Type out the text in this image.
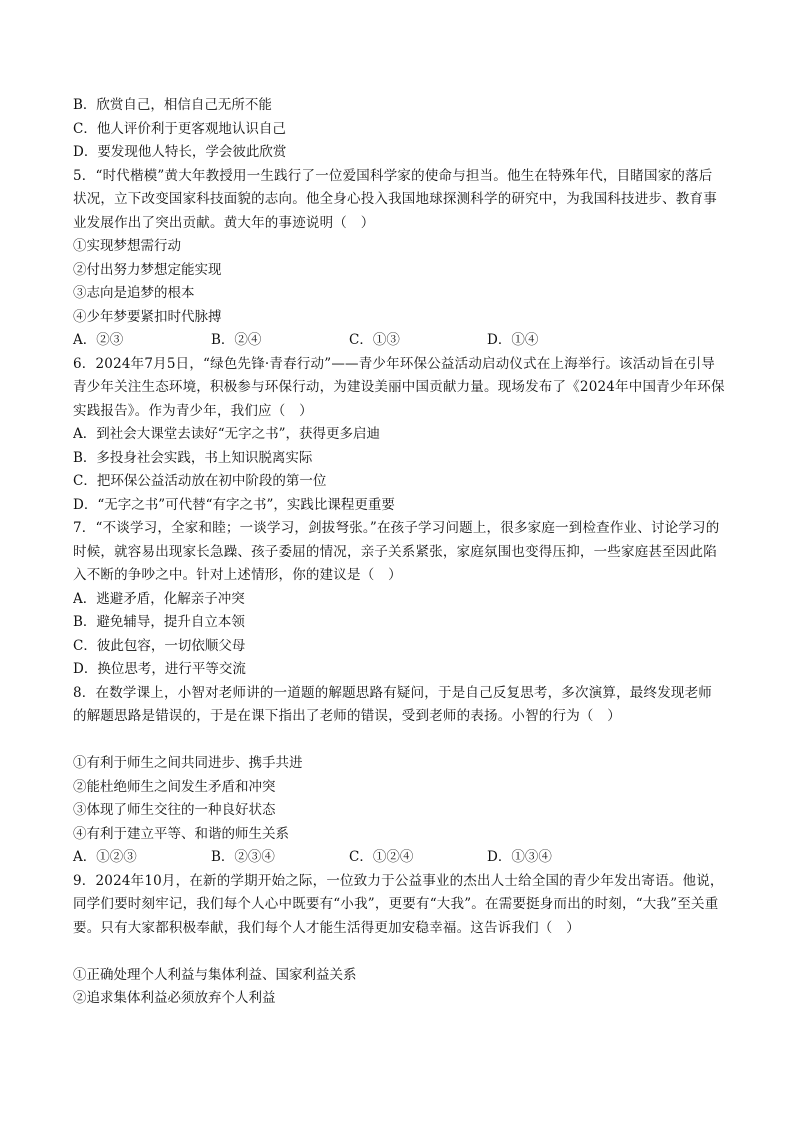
B．欣赏自己，相信自己无所不能
C．他人评价利于更客观地认识自己
D．要发现他人特长，学会彼此欣赏
5．“时代楷模”黄大年教授用一生践行了一位爱国科学家的使命与担当。他生在特殊年代，目睹国家的落后状况，立下改变国家科技面貌的志向。他全身心投入我国地球探测科学的研究中，为我国科技进步、教育事业发展作出了突出贡献。黄大年的事迹说明（　）
①实现梦想需行动
②付出努力梦想定能实现
③志向是追梦的根本
④少年梦要紧扣时代脉搏
A．②③	B．②④	C．①③	D．①④
6．2024年7月5日，“绿色先锋·青春行动”——青少年环保公益活动启动仪式在上海举行。该活动旨在引导青少年关注生态环境，积极参与环保行动，为建设美丽中国贡献力量。现场发布了《2024年中国青少年环保实践报告》。作为青少年，我们应（　）
A．到社会大课堂去读好“无字之书”，获得更多启迪
B．多投身社会实践，书上知识脱离实际
C．把环保公益活动放在初中阶段的第一位
D．“无字之书”可代替“有字之书”，实践比课程更重要
7．“不谈学习，全家和睦；一谈学习，剑拔弩张。”在孩子学习问题上，很多家庭一到检查作业、讨论学习的时候，就容易出现家长急躁、孩子委屈的情况，亲子关系紧张，家庭氛围也变得压抑，一些家庭甚至因此陷入不断的争吵之中。针对上述情形，你的建议是（　）
A．逃避矛盾，化解亲子冲突
B．避免辅导，提升自立本领
C．彼此包容，一切依顺父母
D．换位思考，进行平等交流
8．在数学课上，小智对老师讲的一道题的解题思路有疑问，于是自己反复思考，多次演算，最终发现老师的解题思路是错误的，于是在课下指出了老师的错误，受到老师的表扬。小智的行为（　）
①有利于师生之间共同进步、携手共进
②能杜绝师生之间发生矛盾和冲突
③体现了师生交往的一种良好状态
④有利于建立平等、和谐的师生关系
A．①②③	B．②③④	C．①②④	D．①③④
9．2024年10月，在新的学期开始之际，一位致力于公益事业的杰出人士给全国的青少年发出寄语。他说，同学们要时刻牢记，我们每个人心中既要有“小我”，更要有“大我”。在需要挺身而出的时刻，“大我”至关重要。只有大家都积极奉献，我们每个人才能生活得更加安稳幸福。这告诉我们（　）
①正确处理个人利益与集体利益、国家利益关系
②追求集体利益必须放弃个人利益
